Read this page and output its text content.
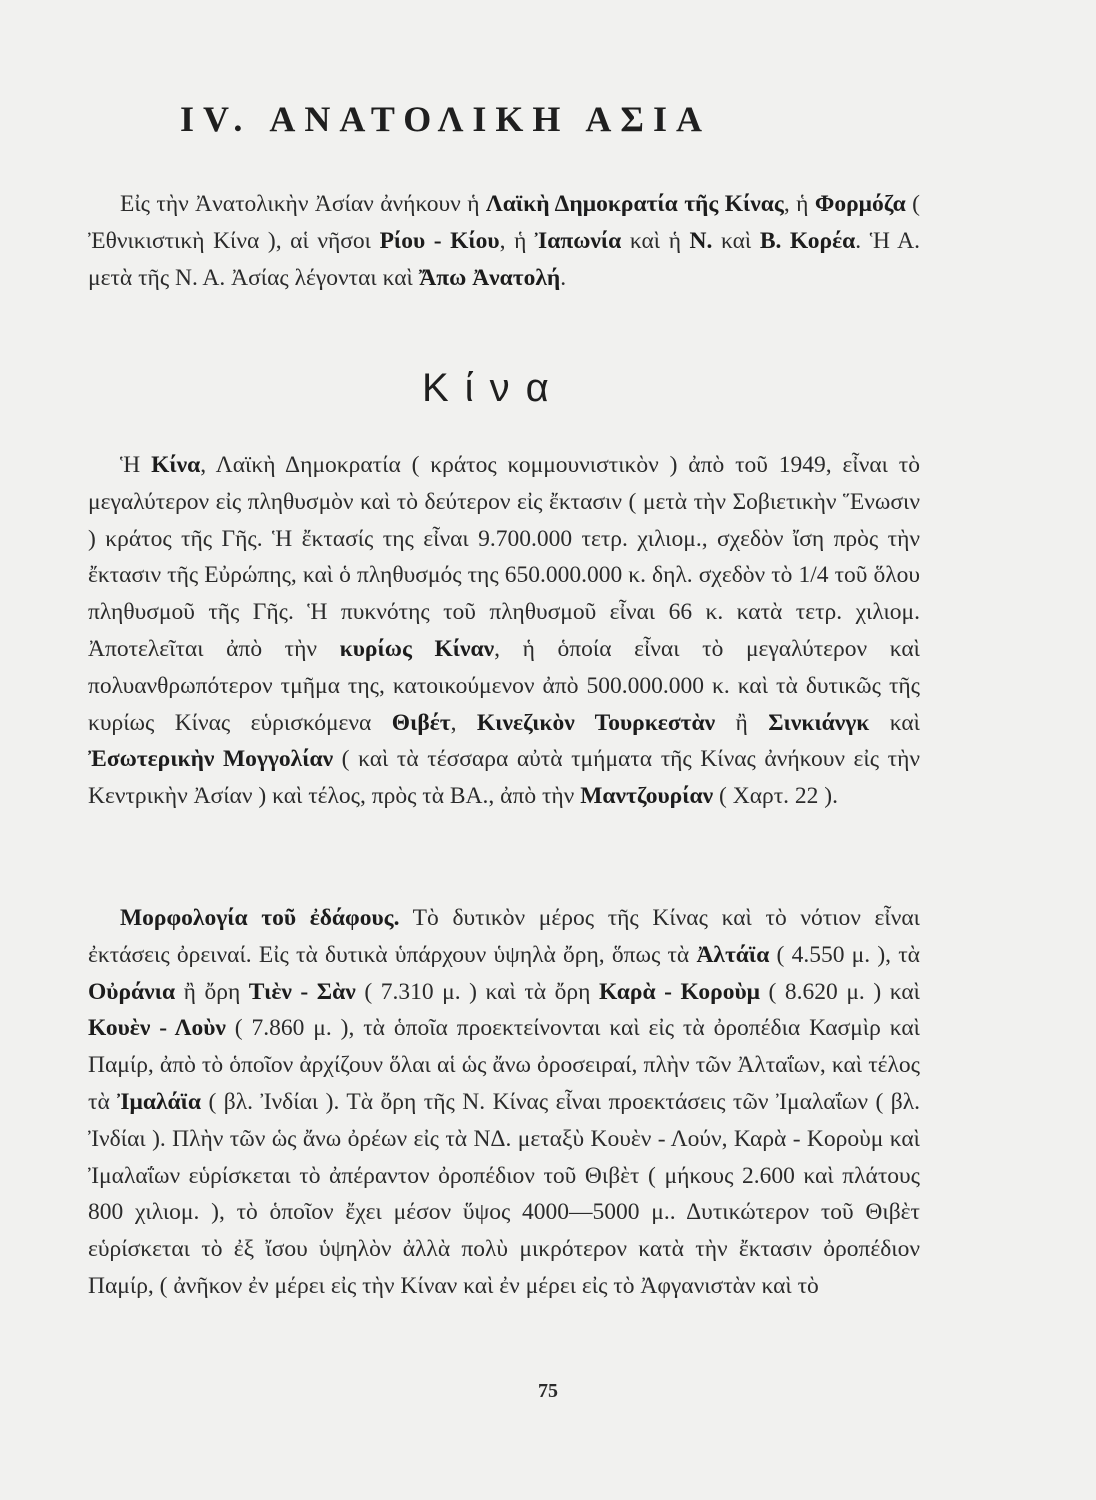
IV. ΑΝΑΤΟΛΙΚΗ ΑΣΙΑ
Εἰς τὴν Ἀνατολικὴν Ἀσίαν ἀνήκουν ἡ Λαϊκὴ Δημοκρατία τῆς Κίνας, ἡ Φορμόζα ( Ἐθνικιστικὴ Κίνα ), αἱ νῆσοι Ρίου - Κίου, ἡ Ἰαπωνία καὶ ἡ Ν. καὶ Β. Κορέα. Ἡ Α. μετὰ τῆς Ν. Α. Ἀσίας λέγονται καὶ Ἄπω Ἀνατολή.
Κίνα
Ἡ Κίνα, Λαϊκὴ Δημοκρατία ( κράτος κομμουνιστικὸν ) ἀπὸ τοῦ 1949, εἶναι τὸ μεγαλύτερον εἰς πληθυσμὸν καὶ τὸ δεύτερον εἰς ἔκτασιν ( μετὰ τὴν Σοβιετικὴν Ἕνωσιν ) κράτος τῆς Γῆς. Ἡ ἔκτασίς της εἶναι 9.700.000 τετρ. χιλιομ., σχεδὸν ἴση πρὸς τὴν ἔκτασιν τῆς Εὐρώπης, καὶ ὁ πληθυσμός της 650.000.000 κ. δηλ. σχεδὸν τὸ 1/4 τοῦ ὅλου πληθυσμοῦ τῆς Γῆς. Ἡ πυκνότης τοῦ πληθυσμοῦ εἶναι 66 κ. κατὰ τετρ. χιλιομ. Ἀποτελεῖται ἀπὸ τὴν κυρίως Κίναν, ἡ ὁποία εἶναι τὸ μεγαλύτερον καὶ πολυανθρωπότερον τμῆμα της, κατοικούμενον ἀπὸ 500.000.000 κ. καὶ τὰ δυτικῶς τῆς κυρίως Κίνας εὑρισκόμενα Θιβέτ, Κινεζικὸν Τουρκεστὰν ἢ Σινκιάνγκ καὶ Ἐσωτερικὴν Μογγολίαν ( καὶ τὰ τέσσαρα αὐτὰ τμήματα τῆς Κίνας ἀνήκουν εἰς τὴν Κεντρικὴν Ἀσίαν ) καὶ τέλος, πρὸς τὰ ΒΑ., ἀπὸ τὴν Μαντζουρίαν ( Χαρτ. 22 ).
Μορφολογία τοῦ ἐδάφους. Τὸ δυτικὸν μέρος τῆς Κίνας καὶ τὸ νότιον εἶναι ἐκτάσεις ὀρειναί. Εἰς τὰ δυτικὰ ὑπάρχουν ὑψηλὰ ὄρη, ὅπως τὰ Ἀλτάϊα ( 4.550 μ. ), τὰ Οὐράνια ἢ ὄρη Τιὲν - Σὰν ( 7.310 μ. ) καὶ τὰ ὄρη Καρὰ - Κοροὺμ ( 8.620 μ. ) καὶ Κουὲν - Λοὺν ( 7.860 μ. ), τὰ ὁποῖα προεκτείνονται καὶ εἰς τὰ ὀροπέδια Κασμὶρ καὶ Παμίρ, ἀπὸ τὸ ὁποῖον ἀρχίζουν ὅλαι αἱ ὡς ἄνω ὀροσειραί, πλὴν τῶν Ἀλταΐων, καὶ τέλος τὰ Ἰμαλάϊα ( βλ. Ἰνδίαι ). Τὰ ὄρη τῆς Ν. Κίνας εἶναι προεκτάσεις τῶν Ἰμαλαΐων ( βλ. Ἰνδίαι ). Πλὴν τῶν ὡς ἄνω ὀρέων εἰς τὰ ΝΔ. μεταξὺ Κουὲν - Λούν, Καρὰ - Κοροὺμ καὶ Ἰμαλαΐων εὑρίσκεται τὸ ἀπέραντον ὀροπέδιον τοῦ Θιβὲτ ( μήκους 2.600 καὶ πλάτους 800 χιλιομ. ), τὸ ὁποῖον ἔχει μέσον ὕψος 4000—5000 μ.. Δυτικώτερον τοῦ Θιβὲτ εὑρίσκεται τὸ ἐξ ἴσου ὑψηλὸν ἀλλὰ πολὺ μικρότερον κατὰ τὴν ἔκτασιν ὀροπέδιον Παμίρ, ( ἀνῆκον ἐν μέρει εἰς τὴν Κίναν καὶ ἐν μέρει εἰς τὸ Ἀφγανιστὰν καὶ τὸ
75
